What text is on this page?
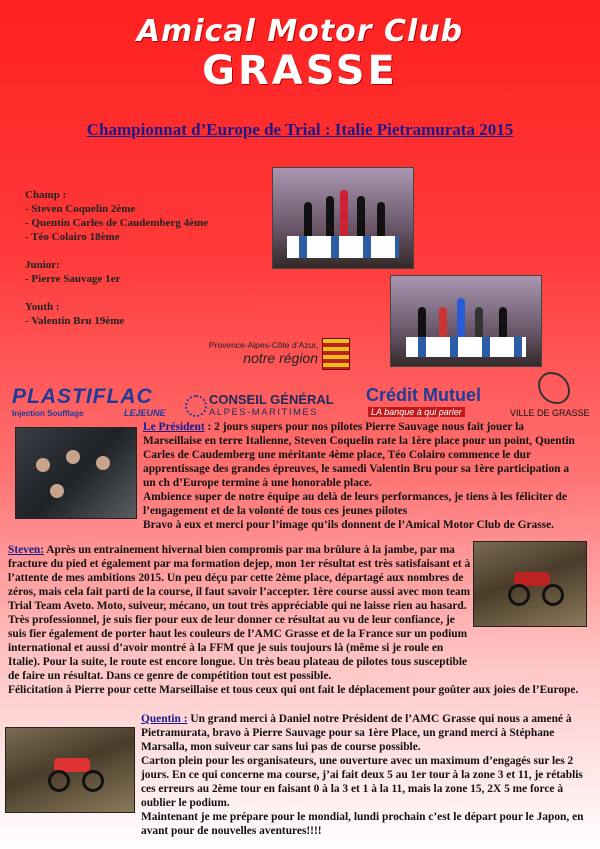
Amical Motor Club
GRASSE
Championnat d’Europe de Trial : Italie Pietramurata 2015
Champ :
- Steven Coquelin 2ème
- Quentin Carles de Caudemberg 4ème
- Téo Colairo 18ème
Junior:
- Pierre Sauvage 1er
Youth :
- Valentin Bru 19ème
Provence-Alpes-Côte d’Azur,
notre région
PLASTIFLAC
Injection Soufflage	LEJEUNE
CONSEIL GÉNÉRAL
ALPES-MARITIMES
Crédit Mutuel
LA banque à qui parler	VILLE DE GRASSE

Le Président : 2 jours supers pour nos pilotes Pierre Sauvage nous fait jouer la Marseillaise en terre Italienne, Steven Coquelin rate la 1ère place pour un point, Quentin Carles de Caudemberg une méritante 4ème place, Téo Colairo commence le dur apprentissage des grandes épreuves, le samedi Valentin Bru pour sa 1ère participation a un ch d’Europe termine à une honorable place.

Ambience super de notre équipe au delà de leurs performances, je tiens à les féliciter de l’engagement et de la volonté de tous ces jeunes pilotes

Bravo à eux et merci pour l’image qu’ils donnent de l’Amical Motor Club de Grasse.

Steven: Après un entrainement hivernal bien compromis par ma brûlure à la jambe, par ma fracture du pied et également par ma formation dejep, mon 1er résultat est très satisfaisant et à l’attente de mes ambitions 2015. Un peu déçu par cette 2ème place, départagé aux nombres de zéros, mais cela fait parti de la course, il faut savoir l’accepter. 1ère course aussi avec mon team Trial Team Aveto. Moto, suiveur, mécano, un tout très appréciable qui ne laisse rien au hasard. Très professionnel, je suis fier pour eux de leur donner ce résultat au vu de leur confiance, je suis fier également de porter haut les couleurs de l’AMC Grasse et de la France sur un podium international et aussi d’avoir montré à la FFM que je suis toujours là (même si je roule en Italie). Pour la suite, le route est encore longue. Un très beau plateau de pilotes tous susceptible de faire un résultat. Dans ce genre de compétition tout est possible.

Félicitation à Pierre pour cette Marseillaise et tous ceux qui ont fait le déplacement pour goûter aux joies de l’Europe.

Quentin : Un grand merci à Daniel notre Président de l’AMC Grasse qui nous a amené à Pietramurata, bravo à Pierre Sauvage pour sa 1ère Place, un grand merci à Stéphane Marsalla, mon suiveur car sans lui pas de course possible.

Carton plein pour les organisateurs, une ouverture avec un maximum d’engagés sur les 2 jours. En ce qui concerne ma course, j’ai fait deux 5 au 1er tour à la zone 3 et 11, je rétablis ces erreurs au 2ème tour en faisant 0 à la 3 et 1 à la 11, mais la zone 15, 2X 5 me force à oublier le podium.

Maintenant je me prépare pour le mondial, lundi prochain c’est le départ pour le Japon, en avant pour de nouvelles aventures!!!!
